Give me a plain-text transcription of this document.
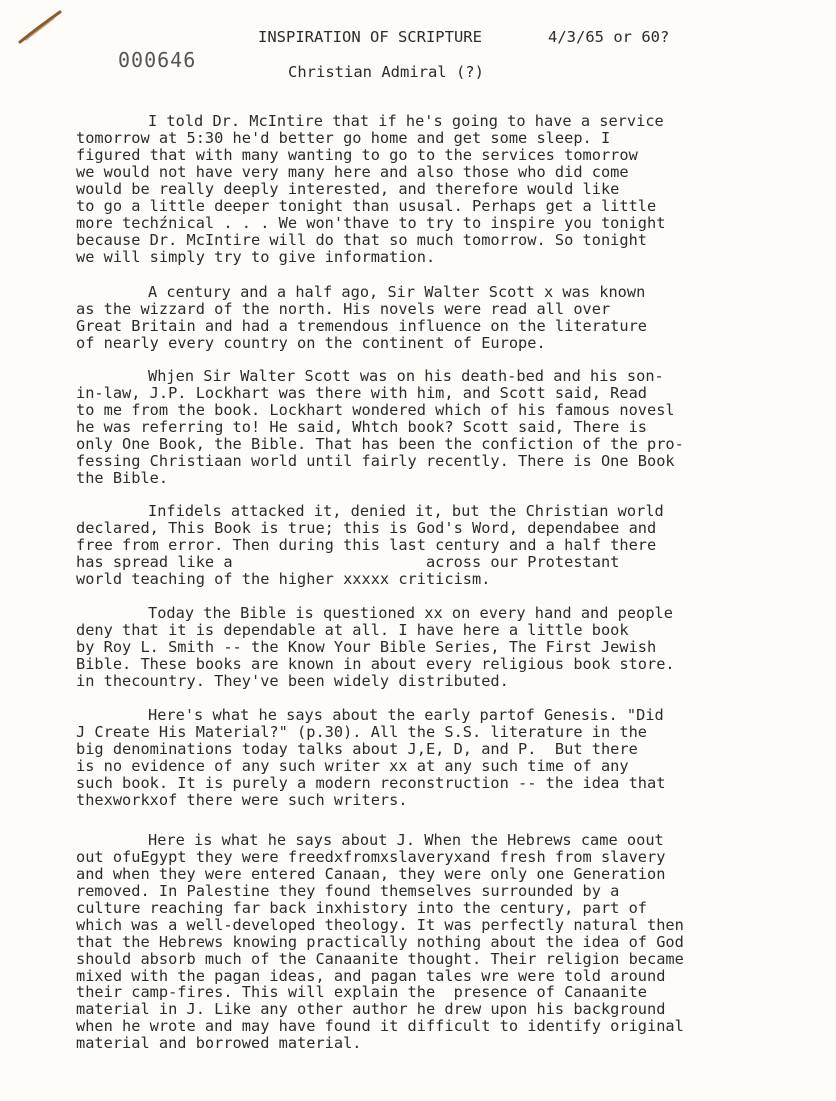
000646
INSPIRATION OF SCRIPTURE	4/3/65 or 60?
Christian Admiral (?)
I told Dr. McIntire that if he's going to have a service
tomorrow at 5:30 he'd better go home and get some sleep. I
figured that with many wanting to go to the services tomorrow
we would not have very many here and also those who did come
would be really deeply interested, and therefore would like
to go a little deeper tonight than ususal. Perhaps get a little
more techźnical . . . We won'thave to try to inspire you tonight
because Dr. McIntire will do that so much tomorrow. So tonight
we will simply try to give information.
A century and a half ago, Sir Walter Scott x was known
as the wizzard of the north. His novels were read all over
Great Britain and had a tremendous influence on the literature
of nearly every country on the continent of Europe.
Whjen Sir Walter Scott was on his death-bed and his son-
in-law, J.P. Lockhart was there with him, and Scott said, Read
to me from the book. Lockhart wondered which of his famous novesl
he was referring to! He said, Whtch book? Scott said, There is
only One Book, the Bible. That has been the confiction of the pro-
fessing Christiaan world until fairly recently. There is One Book
the Bible.
Infidels attacked it, denied it, but the Christian world
declared, This Book is true; this is God's Word, dependabee and
free from error. Then during this last century and a half there
has spread like a                     across our Protestant
world teaching of the higher xxxxx criticism.
Today the Bible is questioned xx on every hand and people
deny that it is dependable at all. I have here a little book
by Roy L. Smith -- the Know Your Bible Series, The First Jewish
Bible. These books are known in about every religious book store.
in thecountry. They've been widely distributed.
Here's what he says about the early partof Genesis. "Did
J Create His Material?" (p.30). All the S.S. literature in the
big denominations today talks about J,E, D, and P.  But there
is no evidence of any such writer xx at any such time of any
such book. It is purely a modern reconstruction -- the idea that
thexworkxof there were such writers.
Here is what he says about J. When the Hebrews came oout
out ofuEgypt they were freedxfromxslaveryxand fresh from slavery
and when they were entered Canaan, they were only one Generation
removed. In Palestine they found themselves surrounded by a
culture reaching far back inxhistory into the century, part of
which was a well-developed theology. It was perfectly natural then
that the Hebrews knowing practically nothing about the idea of God
should absorb much of the Canaanite thought. Their religion became
mixed with the pagan ideas, and pagan tales wre were told around
their camp-fires. This will explain the  presence of Canaanite
material in J. Like any other author he drew upon his background
when he wrote and may have found it difficult to identify original
material and borrowed material.
